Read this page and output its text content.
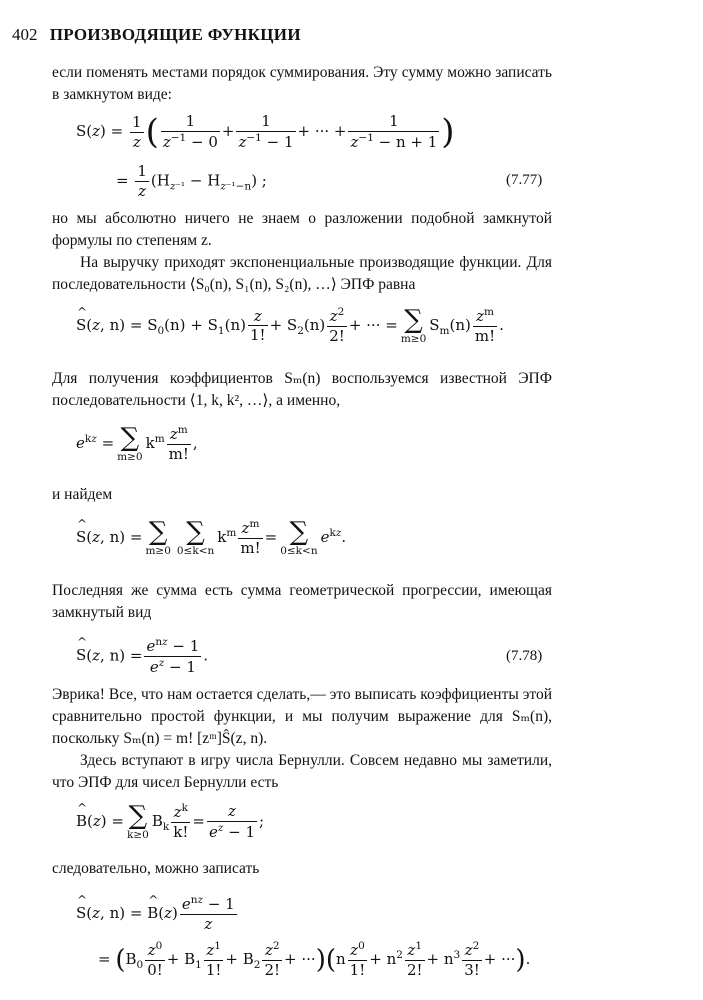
402 ПРОИЗВОДЯЩИЕ ФУНКЦИИ
если поменять местами порядок суммирования. Эту сумму можно записать в замкнутом виде:
$S(z) = \frac{1}{z}$ ( $\frac{1}{z^{-1} - 0} + \frac{1}{z^{-1} - 1}$ + ··· + $\frac{1}{z^{-1} - n + 1}$ )
= $\frac{1}{z} (H_{z^{-1}} - H_{z^{-1}-n})$ ;	(7.77)
но мы абсолютно ничего не знаем о разложении подобной замкнутой формулы по степеням z.
На выручку приходят экспоненциальные производящие функции. Для последовательности ⟨S₀(n), S₁(n), S₂(n), …⟩ ЭПФ равна
^ S(z, $n) = S_0(n) + S_1(n) \frac{z}{1!} + S_2(n) \frac{z^2}{2!}$ + ··· = ∑
m≥0
$S_m(n) \frac{z^m}{m!}$ .
Для получения коэффициентов Sₘ(n) воспользуемся известной ЭПФ последовательности ⟨1, k, k², …⟩, а именно,
$e^{kz}$ = ∑
m≥0
$k^m \frac{z^m}{m!}$ ,
и найдем
^ S(z, n) = ∑
m≥0
∑
0≤k<n
$k^m \frac{z^m}{m!}$ = ∑
0≤k<n
$e^{kz}$.
Последняя же сумма есть сумма геометрической прогрессии, имеющая замкнутый вид
^ S(z, $n) = \frac{e^{nz} - 1}{e^z - 1}$ .	(7.78)
Эврика! Все, что нам остается сделать,— это выписать коэффициенты этой сравнительно простой функции, и мы получим выражение для Sₘ(n), поскольку Sₘ(n) = m! [zᵐ]Ŝ(z, n).
Здесь вступают в игру числа Бернулли. Совсем недавно мы заметили, что ЭПФ для чисел Бернулли есть
^ B(z) = ∑
k≥0
$B_k \frac{z^k}{k!} = \frac{z}{e^z - 1}$ ;
следовательно, можно записать
^ S(z, n) = ^ $B(z) \frac{e^{nz} - 1}{z}$
= $(B_0 \frac{z^0}{0!} + B_1 \frac{z^1}{1!} + B_2 \frac{z^2}{2!} + \cdot\cdot\cdot)(n \frac{z^0}{1!} + n^2 \frac{z^1}{2!} + n^3 \frac{z^2}{3!}$ + ···).
